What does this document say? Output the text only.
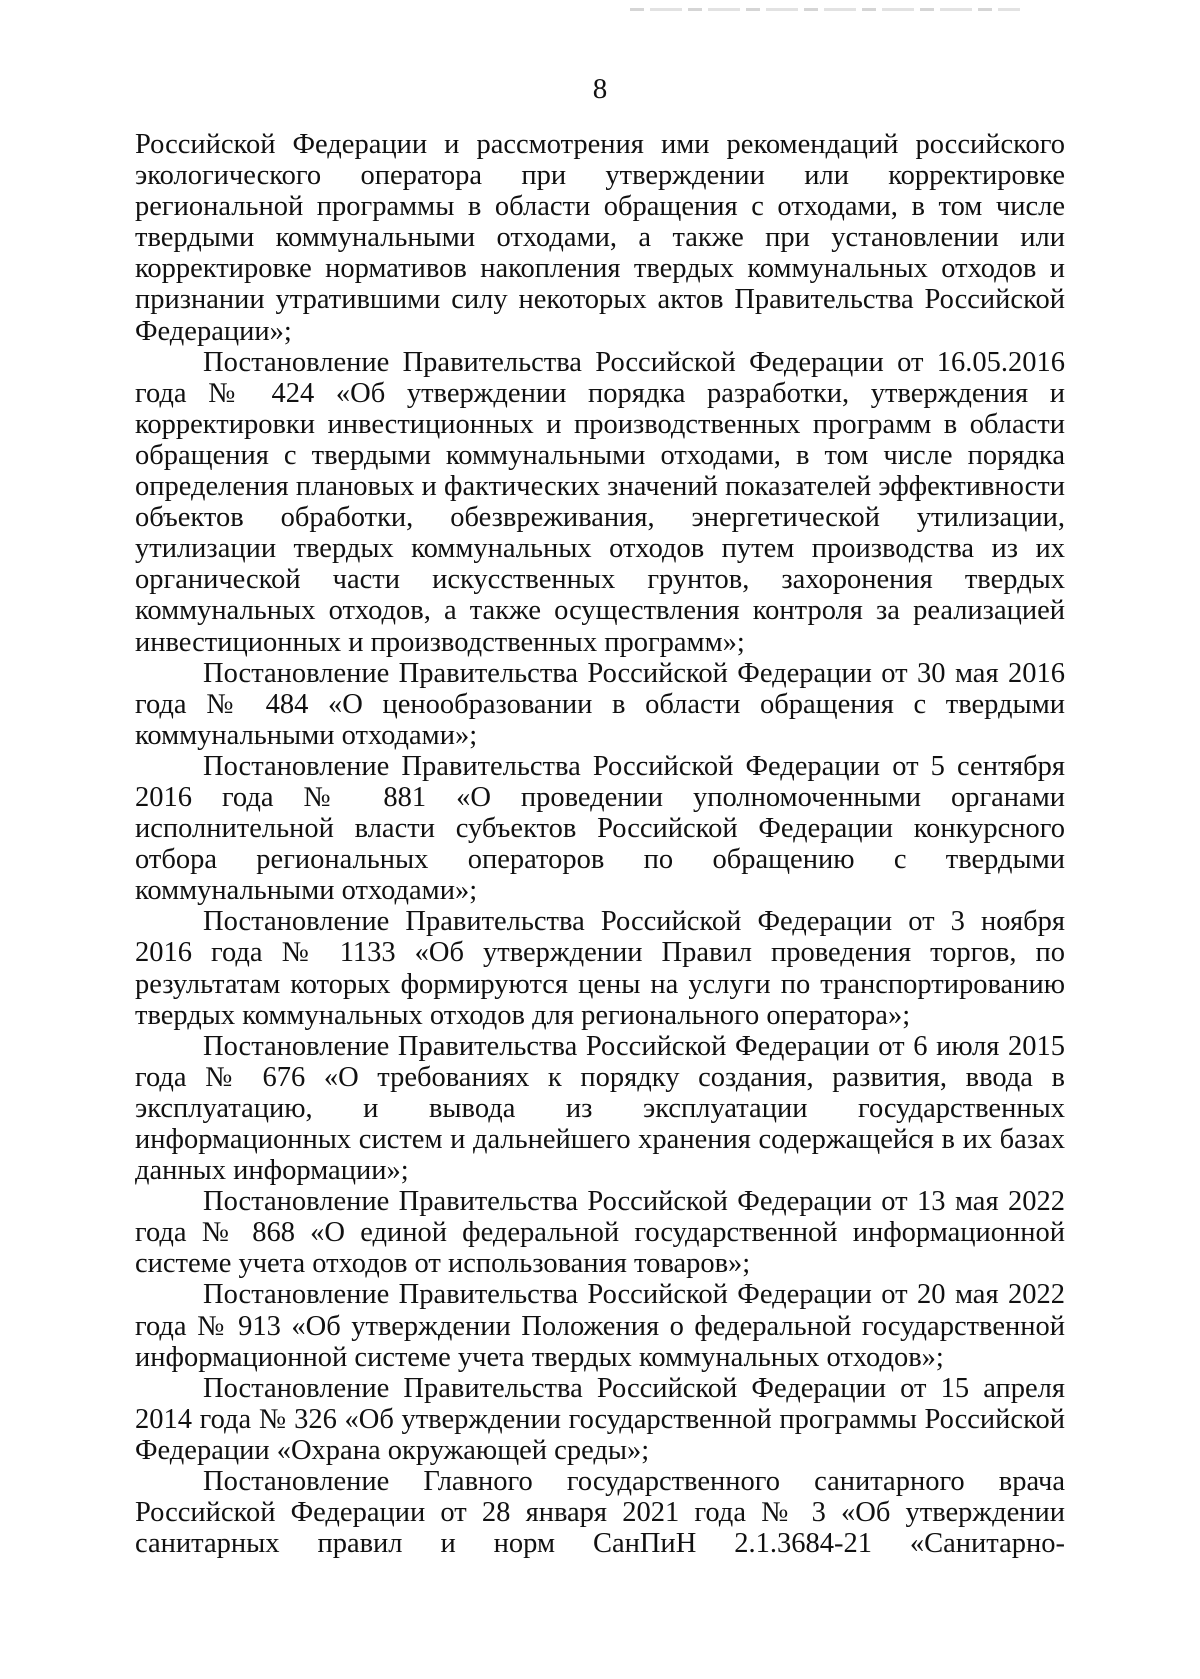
8

Российской Федерации и рассмотрения ими рекомендаций российского экологического оператора при утверждении или корректировке региональной программы в области обращения с отходами, в том числе твердыми коммунальными отходами, а также при установлении или корректировке нормативов накопления твердых коммунальных отходов и признании утратившими силу некоторых актов Правительства Российской Федерации»;

Постановление Правительства Российской Федерации от 16.05.2016 года № 424 «Об утверждении порядка разработки, утверждения и корректировки инвестиционных и производственных программ в области обращения с твердыми коммунальными отходами, в том числе порядка определения плановых и фактических значений показателей эффективности объектов обработки, обезвреживания, энергетической утилизации, утилизации твердых коммунальных отходов путем производства из их органической части искусственных грунтов, захоронения твердых коммунальных отходов, а также осуществления контроля за реализацией инвестиционных и производственных программ»;

Постановление Правительства Российской Федерации от 30 мая 2016 года № 484 «О ценообразовании в области обращения с твердыми коммунальными отходами»;

Постановление Правительства Российской Федерации от 5 сентября 2016 года № 881 «О проведении уполномоченными органами исполнительной власти субъектов Российской Федерации конкурсного отбора региональных операторов по обращению с твердыми коммунальными отходами»;

Постановление Правительства Российской Федерации от 3 ноября 2016 года № 1133 «Об утверждении Правил проведения торгов, по результатам которых формируются цены на услуги по транспортированию твердых коммунальных отходов для регионального оператора»;

Постановление Правительства Российской Федерации от 6 июля 2015 года № 676 «О требованиях к порядку создания, развития, ввода в эксплуатацию, и вывода из эксплуатации государственных информационных систем и дальнейшего хранения содержащейся в их базах данных информации»;

Постановление Правительства Российской Федерации от 13 мая 2022 года № 868 «О единой федеральной государственной информационной системе учета отходов от использования товаров»;

Постановление Правительства Российской Федерации от 20 мая 2022 года № 913 «Об утверждении Положения о федеральной государственной информационной системе учета твердых коммунальных отходов»;

Постановление Правительства Российской Федерации от 15 апреля 2014 года № 326 «Об утверждении государственной программы Российской Федерации «Охрана окружающей среды»;

Постановление Главного государственного санитарного врача Российской Федерации от 28 января 2021 года № 3 «Об утверждении санитарных правил и норм СанПиН 2.1.3684-21 «Санитарно-
